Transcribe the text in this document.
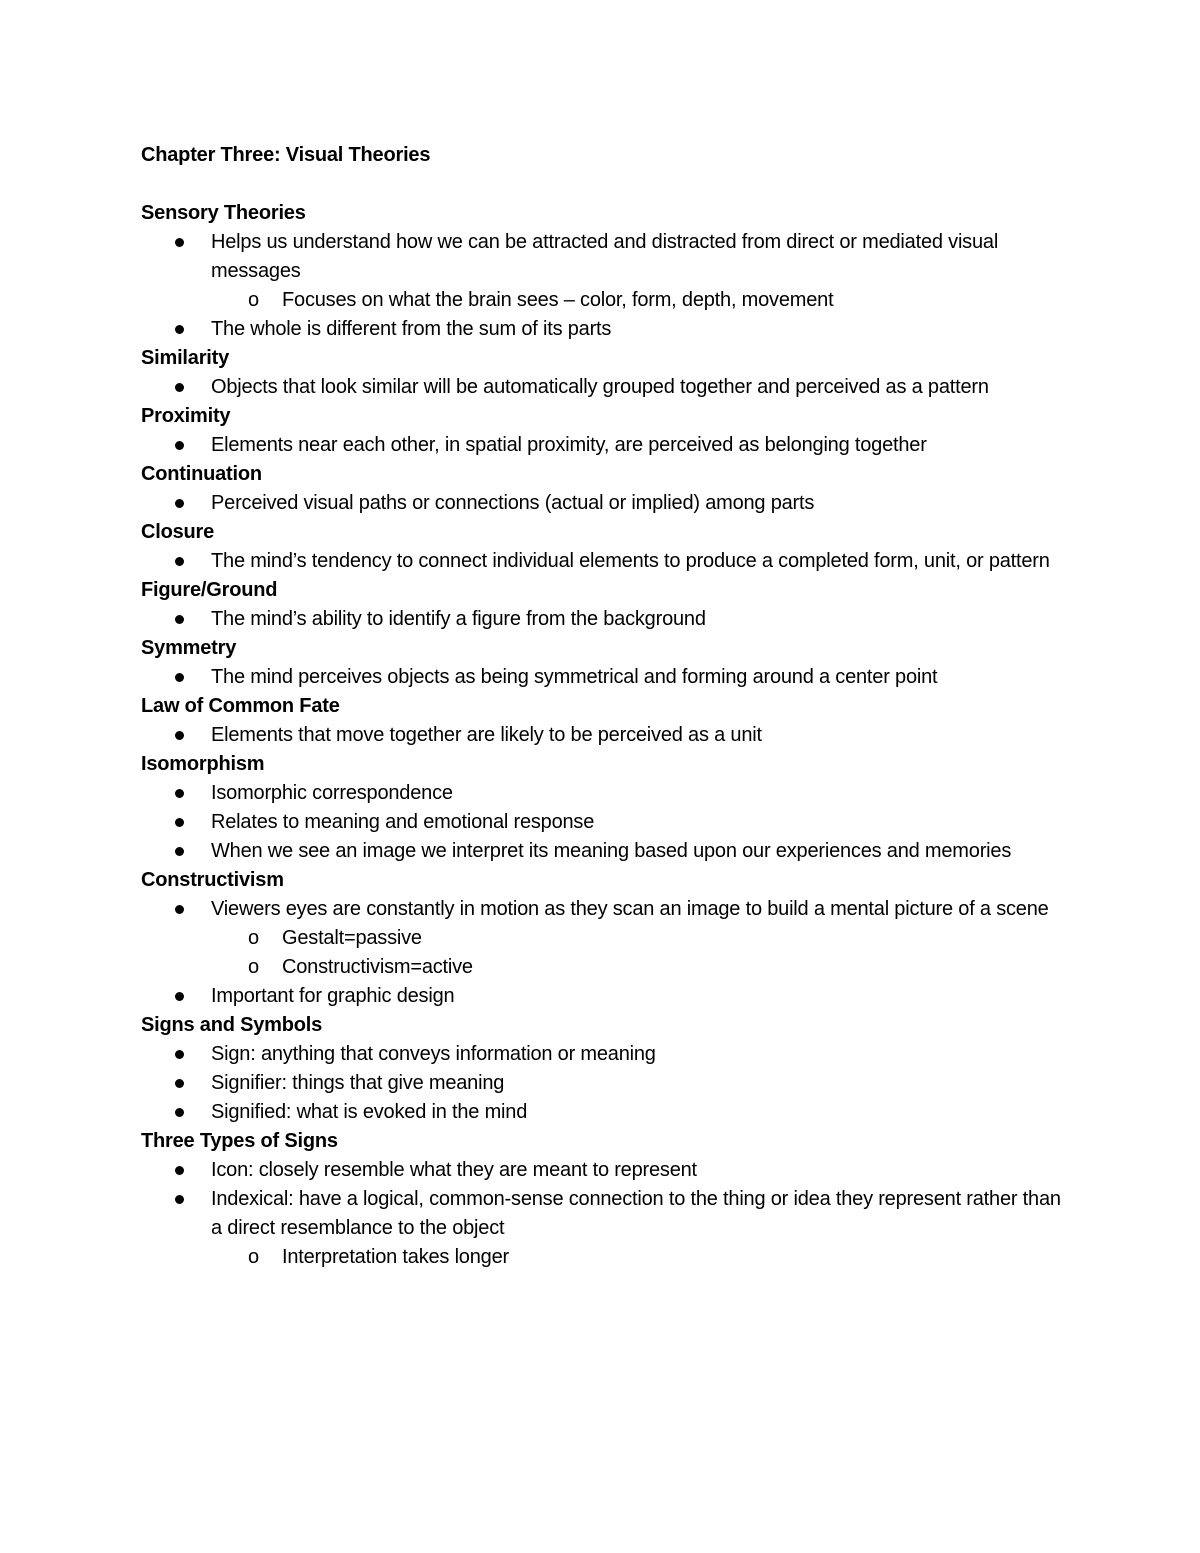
Chapter Three: Visual Theories
Sensory Theories
Helps us understand how we can be attracted and distracted from direct or mediated visual messages
o Focuses on what the brain sees – color, form, depth, movement
The whole is different from the sum of its parts
Similarity
Objects that look similar will be automatically grouped together and perceived as a pattern
Proximity
Elements near each other, in spatial proximity, are perceived as belonging together
Continuation
Perceived visual paths or connections (actual or implied) among parts
Closure
The mind’s tendency to connect individual elements to produce a completed form, unit, or pattern
Figure/Ground
The mind’s ability to identify a figure from the background
Symmetry
The mind perceives objects as being symmetrical and forming around a center point
Law of Common Fate
Elements that move together are likely to be perceived as a unit
Isomorphism
Isomorphic correspondence
Relates to meaning and emotional response
When we see an image we interpret its meaning based upon our experiences and memories
Constructivism
Viewers eyes are constantly in motion as they scan an image to build a mental picture of a scene
o Gestalt=passive
o Constructivism=active
Important for graphic design
Signs and Symbols
Sign: anything that conveys information or meaning
Signifier: things that give meaning
Signified: what is evoked in the mind
Three Types of Signs
Icon: closely resemble what they are meant to represent
Indexical: have a logical, common-sense connection to the thing or idea they represent rather than a direct resemblance to the object
o Interpretation takes longer
